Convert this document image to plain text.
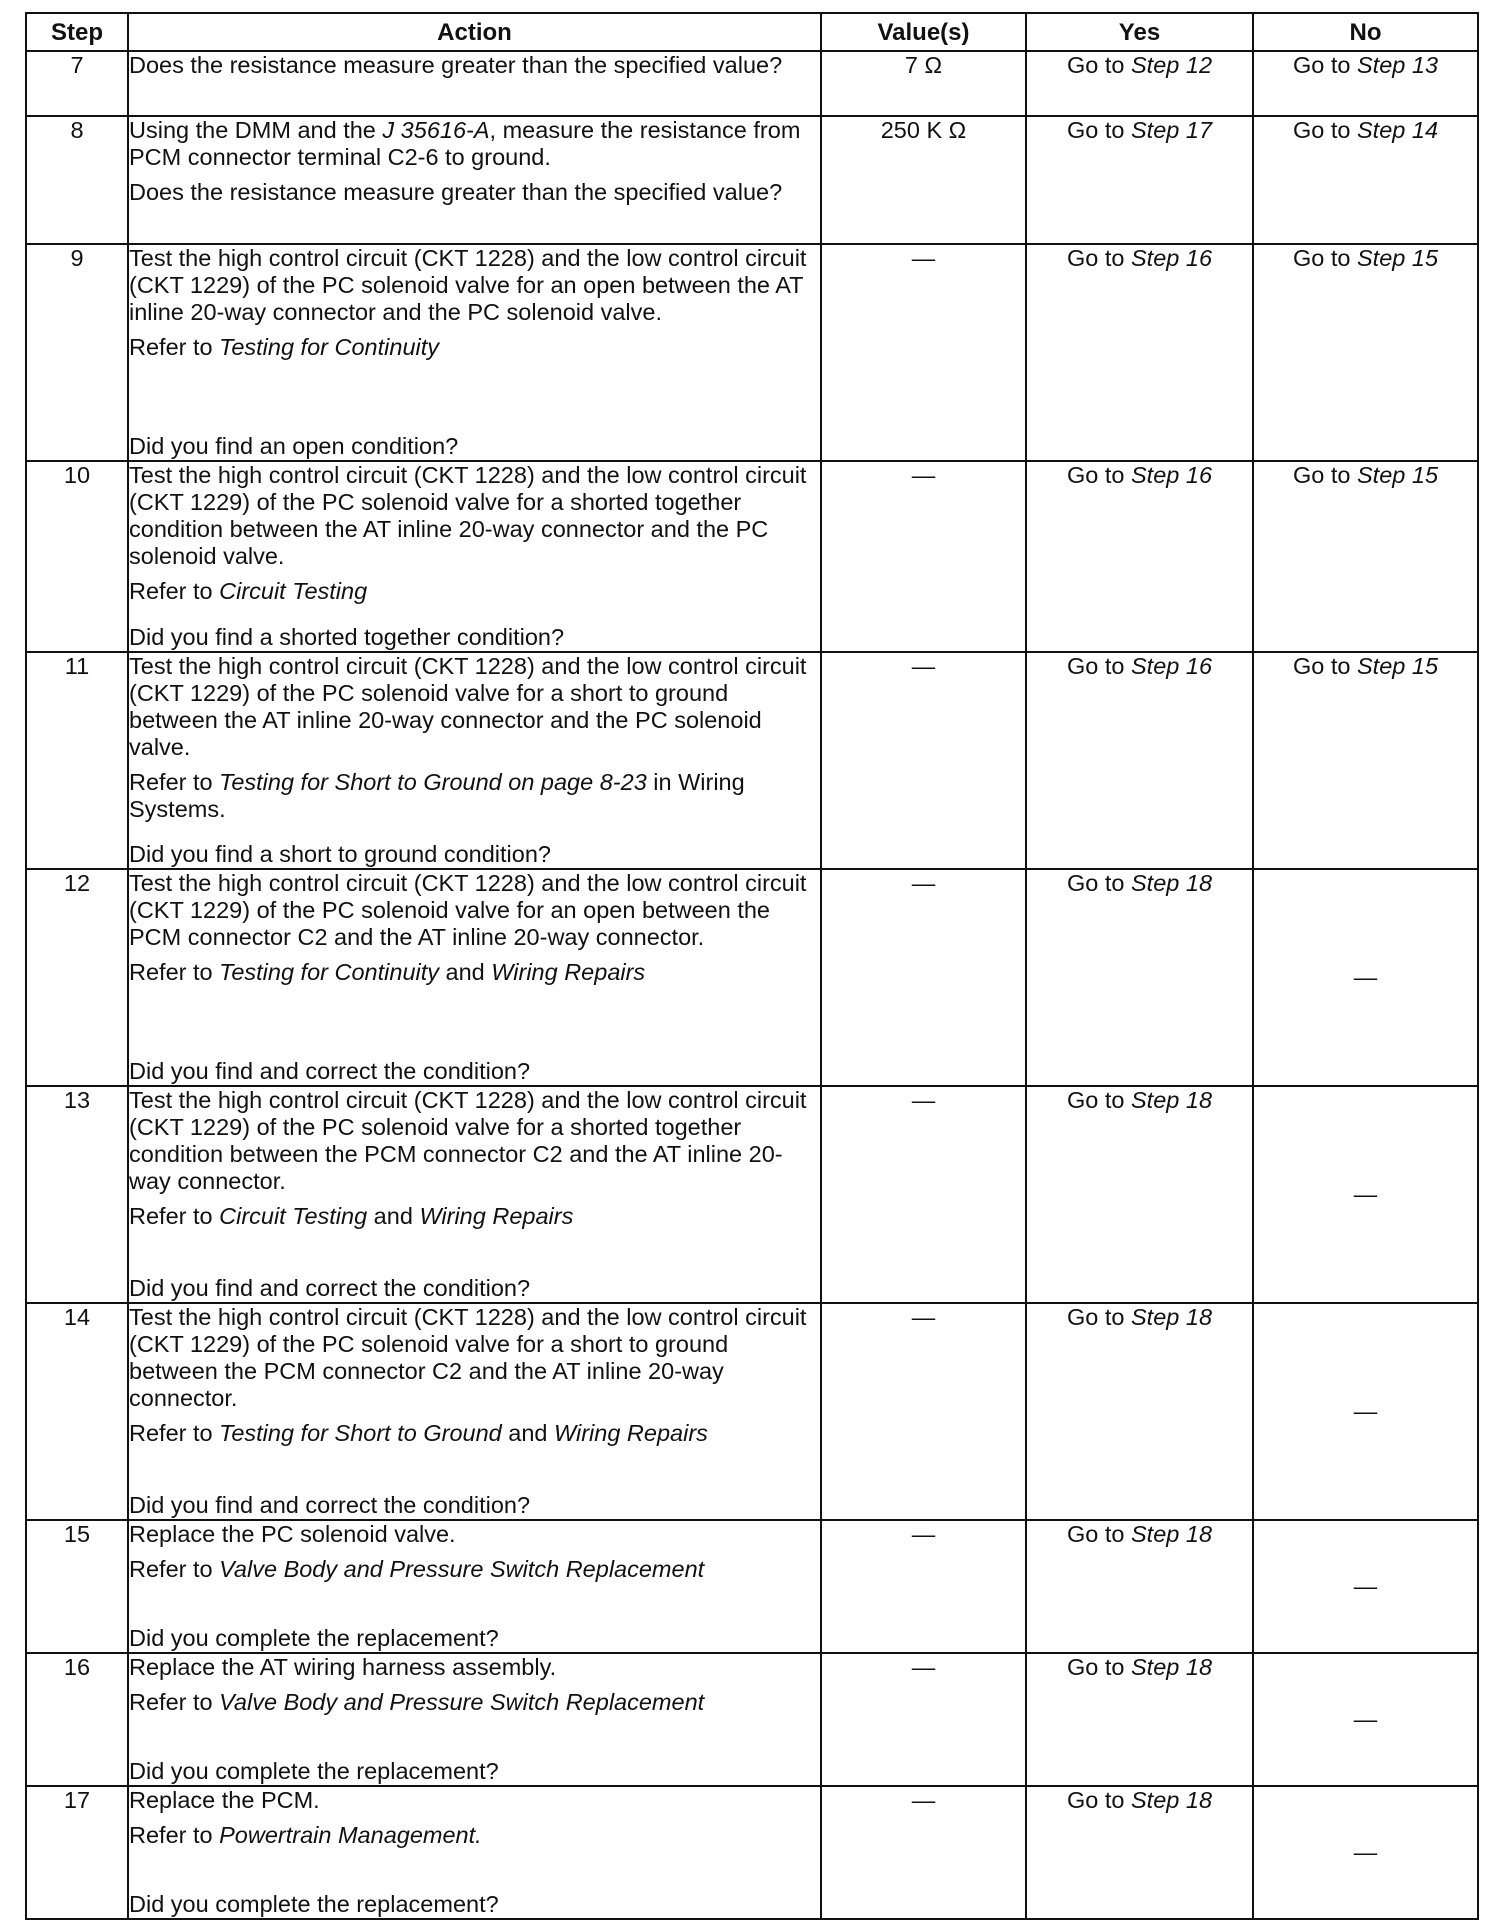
Step	Action	Value(s)	Yes	No
7	Does the resistance measure greater than the specified value?	7 Ω	Go to Step 12	Go to Step 13
8	Using the DMM and the J 35616-A, measure the resistance from PCM connector terminal C2-6 to ground.

Does the resistance measure greater than the specified value?	250 K Ω	Go to Step 17	Go to Step 14
9	Test the high control circuit (CKT 1228) and the low control circuit (CKT 1229) of the PC solenoid valve for an open between the AT inline 20-way connector and the PC solenoid valve.

Refer to Testing for Continuity

Did you find an open condition?	—	Go to Step 16	Go to Step 15
10	Test the high control circuit (CKT 1228) and the low control circuit (CKT 1229) of the PC solenoid valve for a shorted together condition between the AT inline 20-way connector and the PC solenoid valve.

Refer to Circuit Testing

Did you find a shorted together condition?	—	Go to Step 16	Go to Step 15
11	Test the high control circuit (CKT 1228) and the low control circuit (CKT 1229) of the PC solenoid valve for a short to ground between the AT inline 20-way connector and the PC solenoid valve.

Refer to Testing for Short to Ground on page 8-23 in Wiring Systems.

Did you find a short to ground condition?	—	Go to Step 16	Go to Step 15
12	Test the high control circuit (CKT 1228) and the low control circuit (CKT 1229) of the PC solenoid valve for an open between the PCM connector C2 and the AT inline 20-way connector.

Refer to Testing for Continuity and Wiring Repairs

Did you find and correct the condition?	—	Go to Step 18	—
13	Test the high control circuit (CKT 1228) and the low control circuit (CKT 1229) of the PC solenoid valve for a shorted together condition between the PCM connector C2 and the AT inline 20-way connector.

Refer to Circuit Testing and Wiring Repairs

Did you find and correct the condition?	—	Go to Step 18	—
14	Test the high control circuit (CKT 1228) and the low control circuit (CKT 1229) of the PC solenoid valve for a short to ground between the PCM connector C2 and the AT inline 20-way connector.

Refer to Testing for Short to Ground and Wiring Repairs

Did you find and correct the condition?	—	Go to Step 18	—
15	Replace the PC solenoid valve.

Refer to Valve Body and Pressure Switch Replacement

Did you complete the replacement?	—	Go to Step 18	—
16	Replace the AT wiring harness assembly.

Refer to Valve Body and Pressure Switch Replacement

Did you complete the replacement?	—	Go to Step 18	—
17	Replace the PCM.

Refer to Powertrain Management.

Did you complete the replacement?	—	Go to Step 18	—
